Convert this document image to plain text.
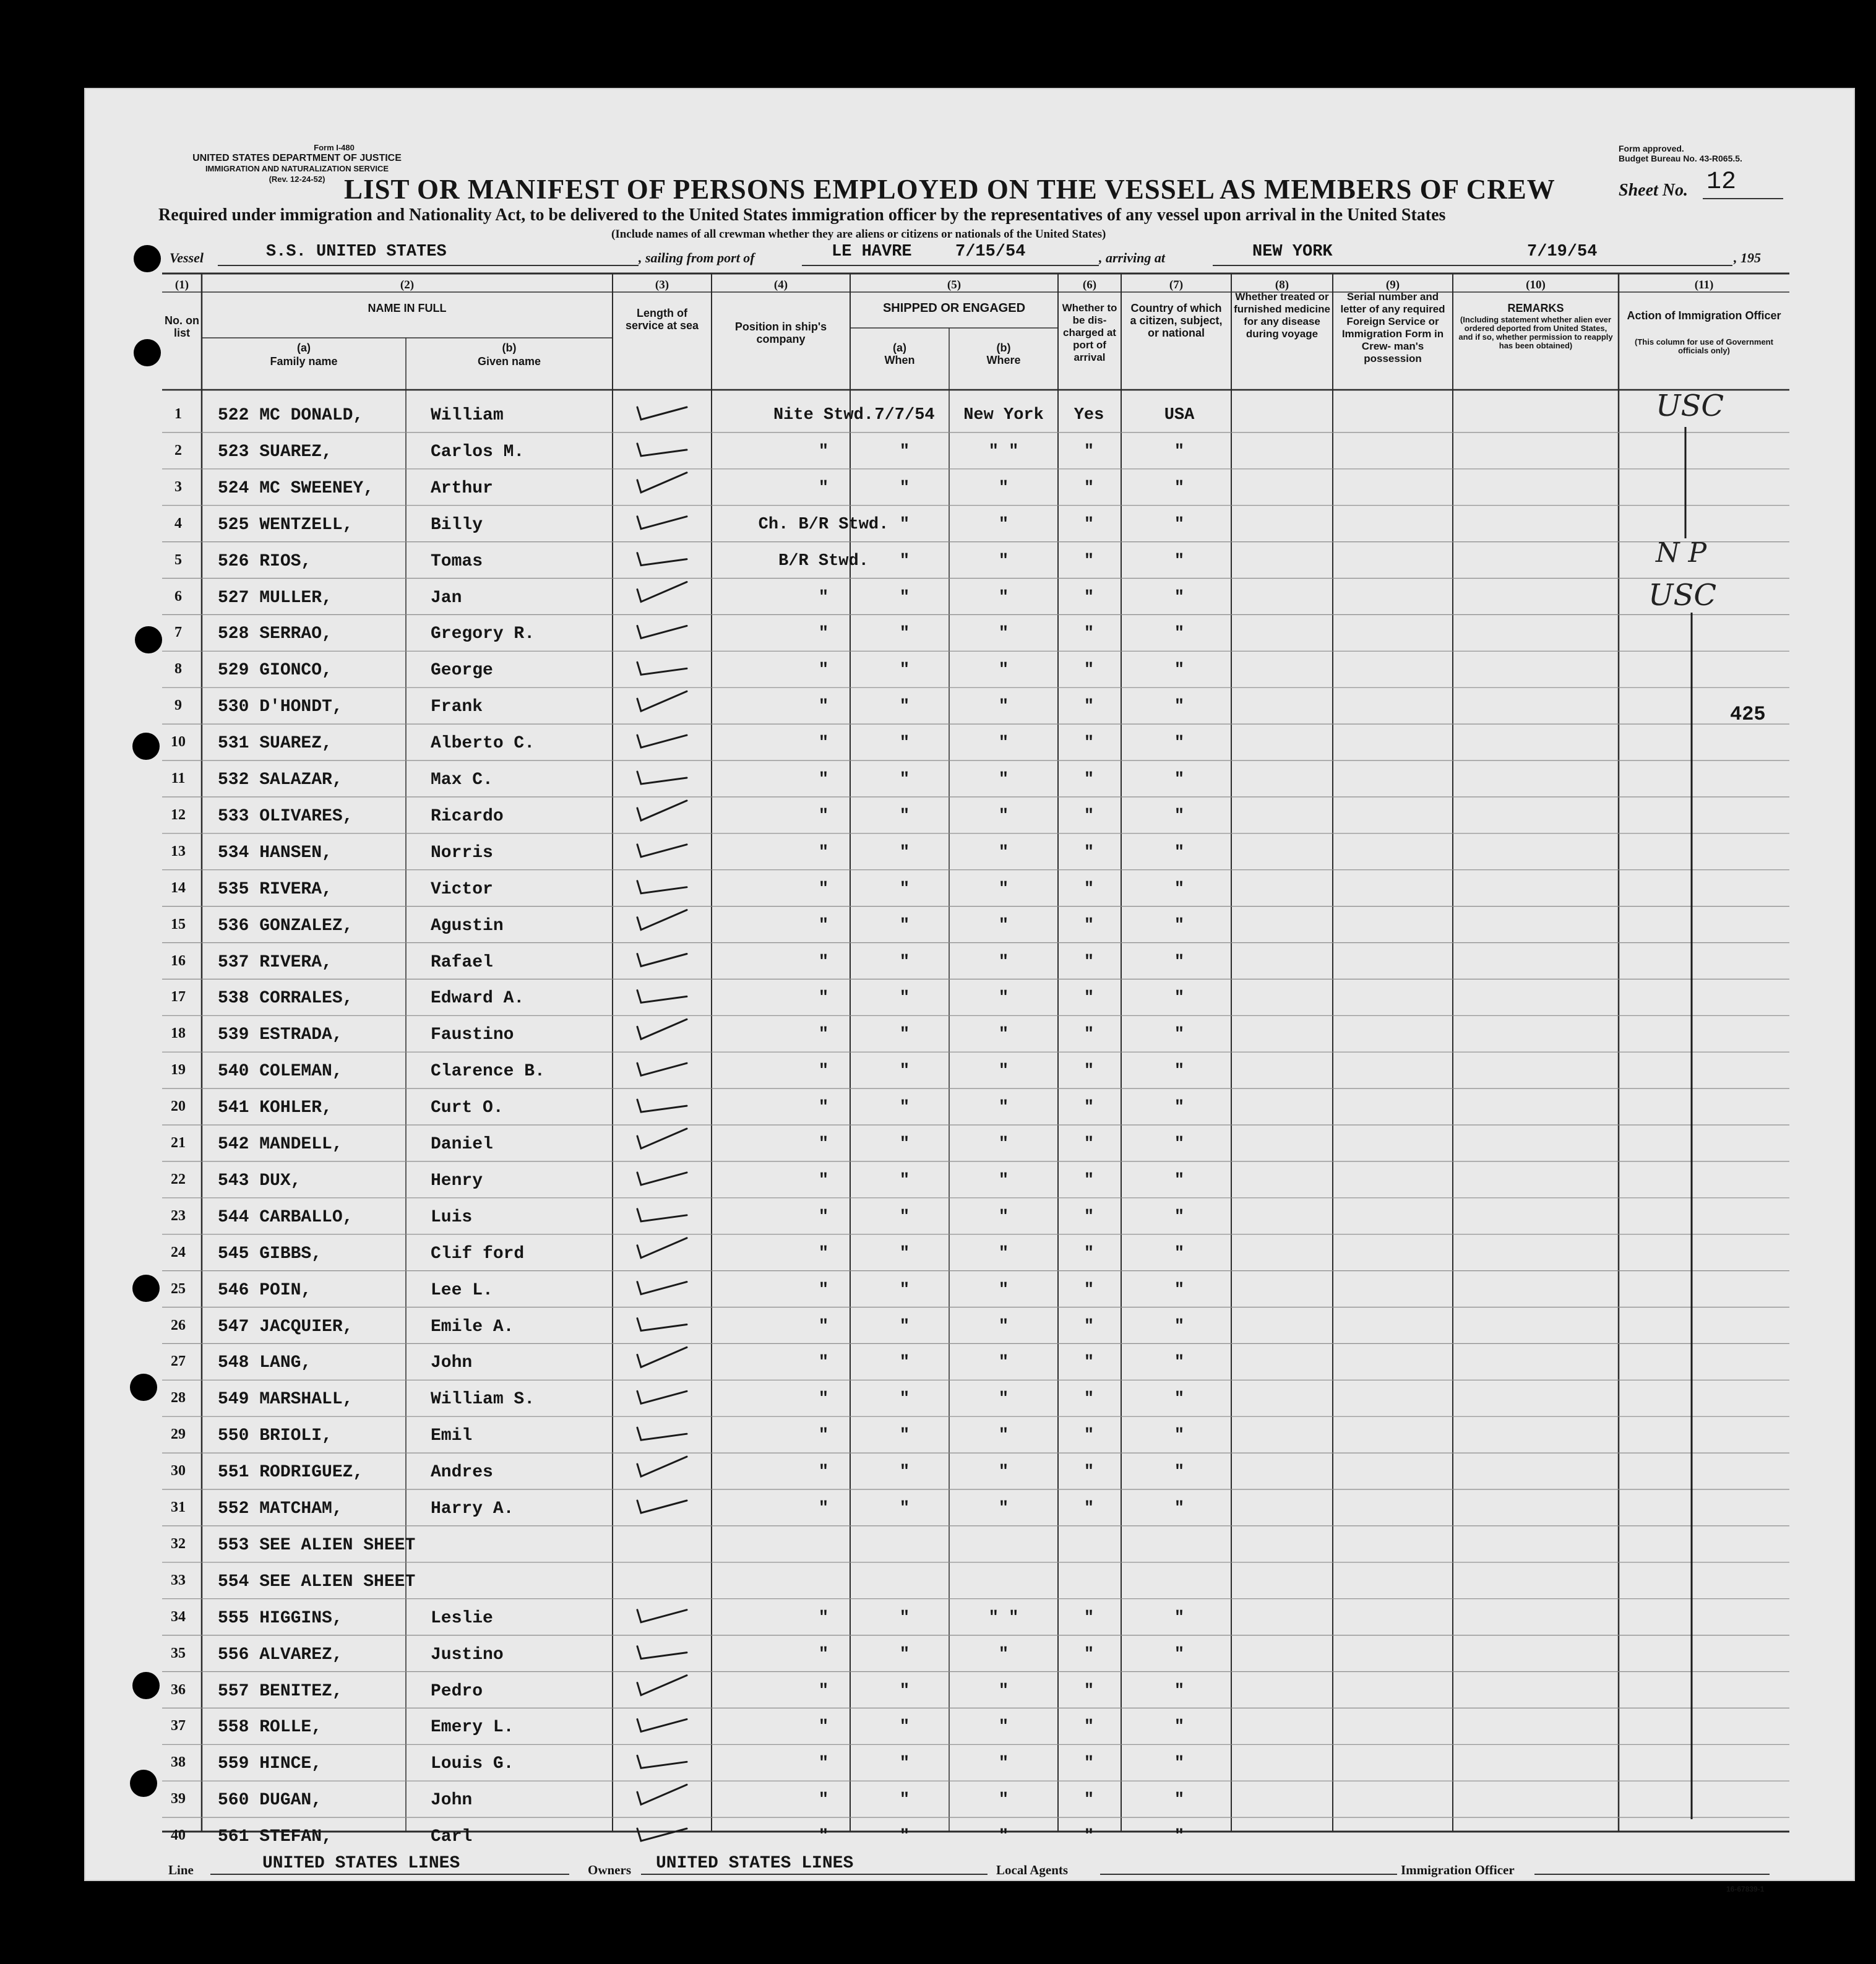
Form I-480
UNITED STATES DEPARTMENT OF JUSTICE
IMMIGRATION AND NATURALIZATION SERVICE
(Rev. 12-24-52)
Form approved.
Budget Bureau No. 43-R065.5.
LIST OR MANIFEST OF PERSONS EMPLOYED ON THE VESSEL AS MEMBERS OF CREW	Sheet No. 12
Required under immigration and Nationality Act, to be delivered to the United States immigration officer by the representatives of any vessel upon arrival in the United States
(Include names of all crewman whether they are aliens or citizens or nationals of the United States)
Vessel	S.S. UNITED STATES	, sailing from port of	LE HAVRE	7/15/54	, arriving at	NEW YORK	7/19/54	, 195
(1)	(2)	(3)	(4)	(5)	(6)	(7)	(8)	(9)	(10)	(11)
No. on list
NAME IN FULL
(a)
Family name
(b)
Given name
Length of service at sea	Position in ship's company
SHIPPED OR ENGAGED
(a)
When
(b)
Where
Whether to be dis- charged at port of arrival
Country of which a citizen, subject, or national
Whether treated or furnished medicine for any disease during voyage
Serial number and letter of any required Foreign Service or Immigration Form in Crew- man's possession
REMARKS
(Including statement whether alien ever ordered deported from United States, and if so, whether permission to reapply has been obtained)
Action of Immigration Officer
(This column for use of Government officials only)
1	522 MC DONALD,	William	Nite Stwd. 7/7/54	New York	Yes	USA
2	523 SUAREZ,	Carlos M.	"	"	" "	"	"
3	524 MC SWEENEY,	Arthur	"	"	"	"	"
4	525 WENTZELL,	Billy	Ch. B/R Stwd. "	"	"	"
5	526 RIOS,	Tomas	B/R Stwd.	"	"	"	"
6	527 MULLER,	Jan	"	"	"	"	"
7	528 SERRAO,	Gregory R.	"	"	"	"	"
8	529 GIONCO,	George	"	"	"	"	"
9	530 D'HONDT,	Frank	"	"	"	"	"
10	531 SUAREZ,	Alberto C.	"	"	"	"	"
11	532 SALAZAR,	Max C.	"	"	"	"	"
12	533 OLIVARES,	Ricardo	"	"	"	"	"
13	534 HANSEN,	Norris	"	"	"	"	"
14	535 RIVERA,	Victor	"	"	"	"	"
15	536 GONZALEZ,	Agustin	"	"	"	"	"
16	537 RIVERA,	Rafael	"	"	"	"	"
17	538 CORRALES,	Edward A.	"	"	"	"	"
18	539 ESTRADA,	Faustino	"	"	"	"	"
19	540 COLEMAN,	Clarence B.	"	"	"	"	"
20	541 KOHLER,	Curt O.	"	"	"	"	"
21	542 MANDELL,	Daniel	"	"	"	"	"
22	543 DUX,	Henry	"	"	"	"	"
23	544 CARBALLO,	Luis	"	"	"	"	"
24	545 GIBBS,	Clif ford	"	"	"	"	"
25	546 POIN,	Lee L.	"	"	"	"	"
26	547 JACQUIER,	Emile A.	"	"	"	"	"
27	548 LANG,	John	"	"	"	"	"
28	549 MARSHALL,	William S.	"	"	"	"	"
29	550 BRIOLI,	Emil	"	"	"	"	"
30	551 RODRIGUEZ,	Andres	"	"	"	"	"
31	552 MATCHAM,	Harry A.	"	"	"	"	"
32	553 SEE ALIEN SHEET
33	554 SEE ALIEN SHEET
34	555 HIGGINS,	Leslie	"	"	" "	"	"
35	556 ALVAREZ,	Justino	"	"	"	"	"
36	557 BENITEZ,	Pedro	"	"	"	"	"
37	558 ROLLE,	Emery L.	"	"	"	"	"
38	559 HINCE,	Louis G.	"	"	"	"	"
39	560 DUGAN,	John	"	"	"	"	"
40	561 STEFAN,	Carl	"	"	"	"	"
USC
N P
USC
425
Line	UNITED STATES LINES	Owners UNITED STATES LINES	Local Agents	Immigration Officer
16-67839-1
